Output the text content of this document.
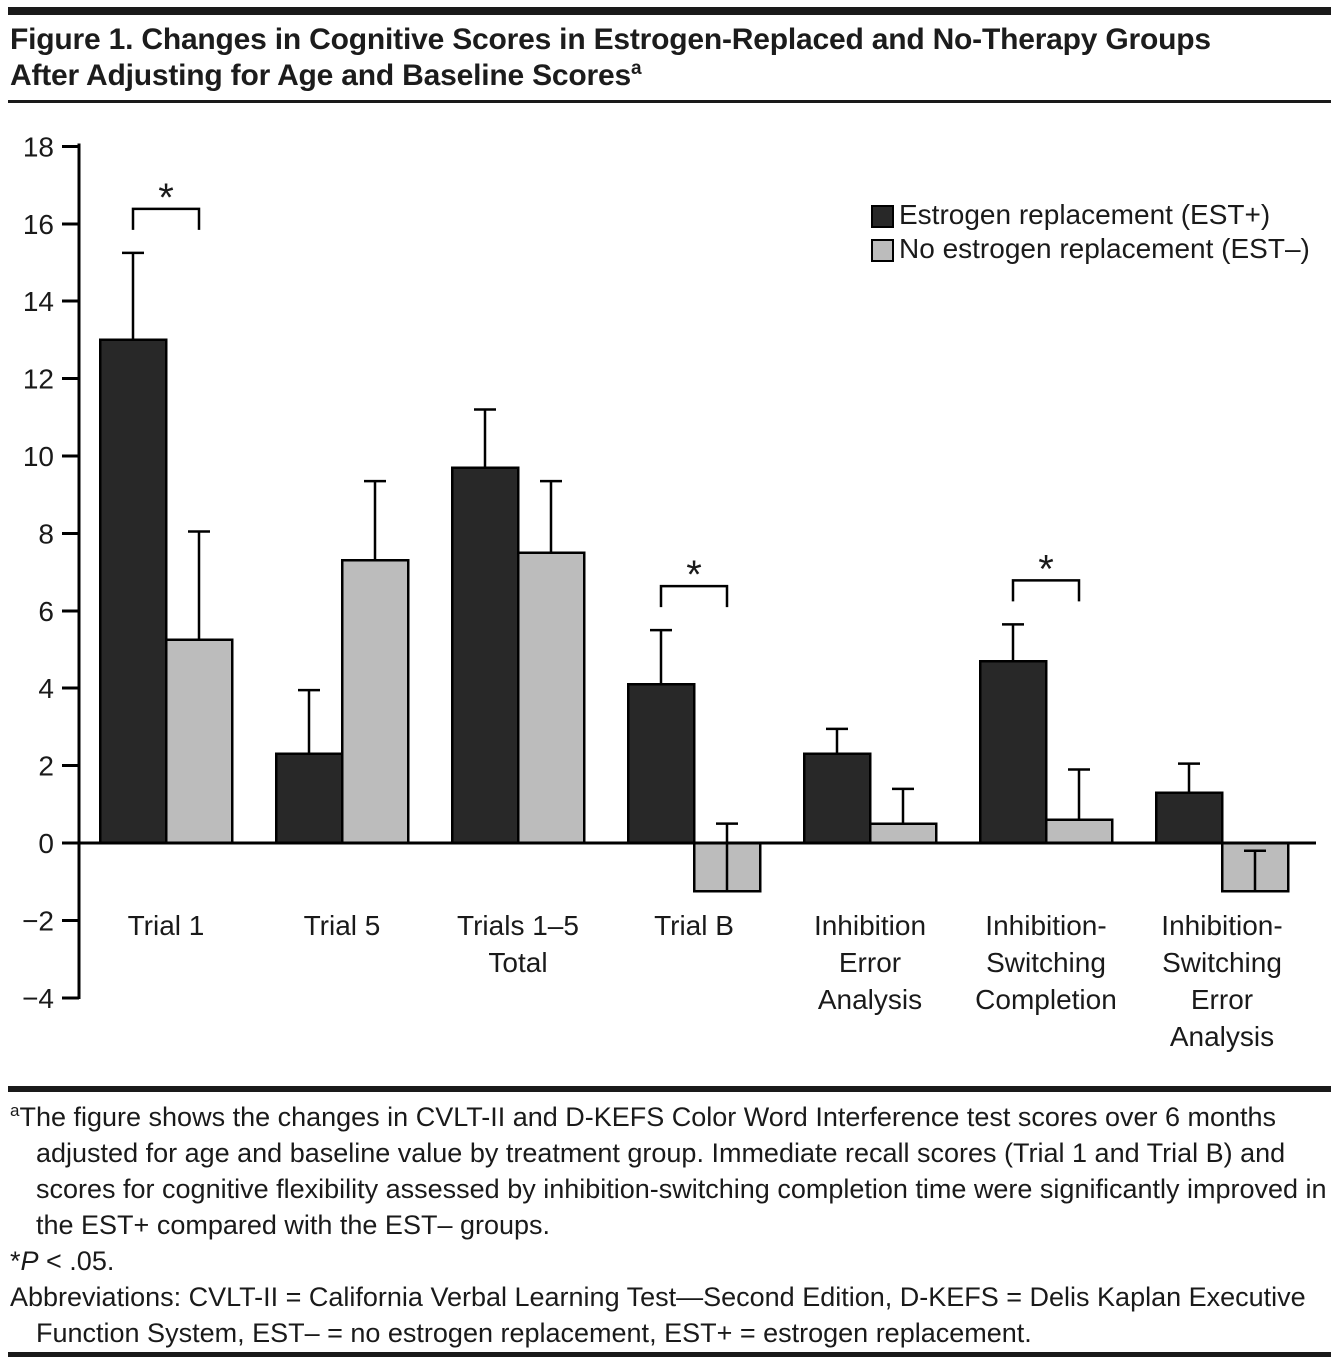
Figure 1. Changes in Cognitive Scores in Estrogen-Replaced and No-Therapy Groups After Adjusting for Age and Baseline Scores$^a$
18
16
14
12
10
8
6
4
2
0
−2
−4
Trial 1	Trial 5	Trials 1–5 Total
Trial B	Inhibition Error Analysis
Inhibition-Switching Completion
Inhibition-Switching Error Analysis
*
*	*
Estrogen replacement (EST+)
No estrogen replacement (EST–)

$^a$The figure shows the changes in CVLT-II and D-KEFS Color Word Interference test scores over 6 months adjusted for age and baseline value by treatment group. Immediate recall scores (Trial 1 and Trial B) and scores for cognitive flexibility assessed by inhibition-switching completion time were significantly improved in the EST+ compared with the EST– groups.

*P < .05.

Abbreviations: CVLT-II = California Verbal Learning Test—Second Edition, D-KEFS = Delis Kaplan Executive Function System, EST– = no estrogen replacement, EST+ = estrogen replacement.
